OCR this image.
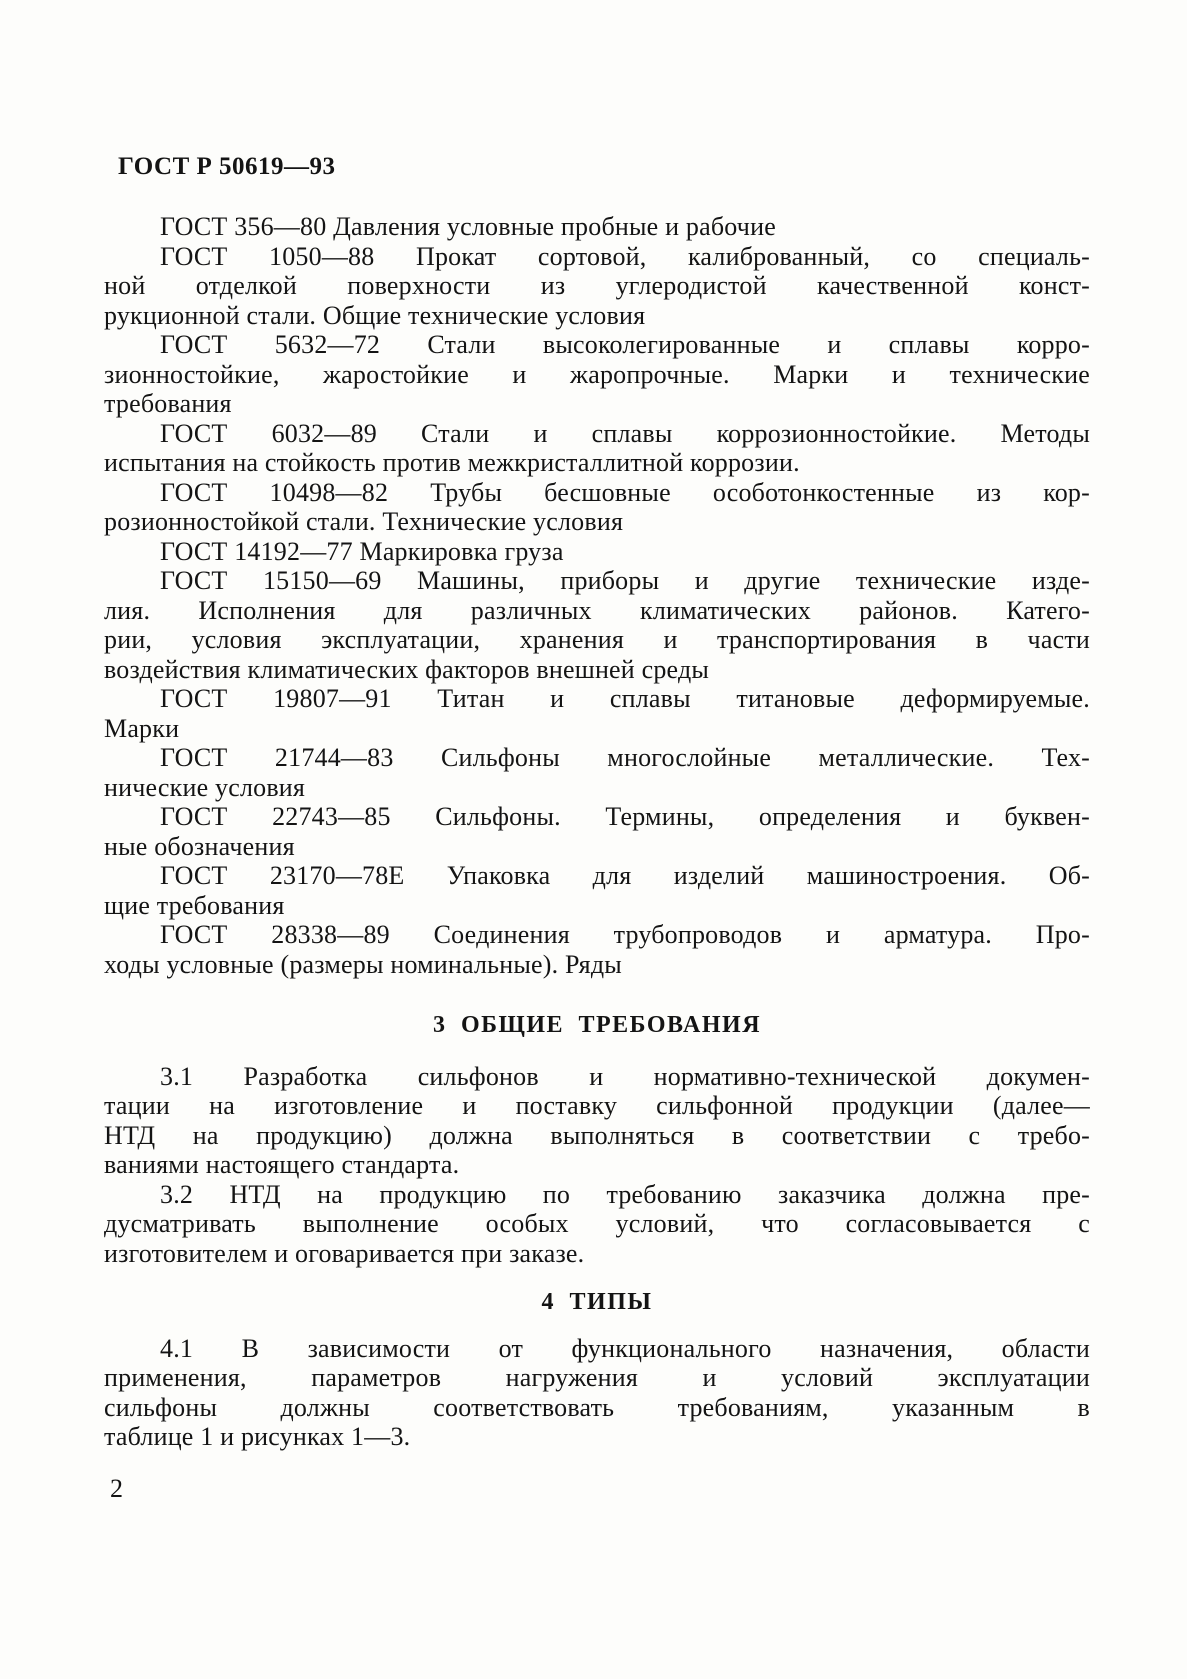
ГОСТ Р 50619—93

ГОСТ 356—80 Давления условные пробные и рабочие

ГОСТ 1050—88 Прокат сортовой, калиброванный, со специаль-
ной отделкой поверхности из углеродистой качественной конст-
рукционной стали. Общие технические условия

ГОСТ 5632—72 Стали высоколегированные и сплавы корро-
зионностойкие, жаростойкие и жаропрочные. Марки и технические
требования

ГОСТ 6032—89 Стали и сплавы коррозионностойкие. Методы
испытания на стойкость против межкристаллитной коррозии.

ГОСТ 10498—82 Трубы бесшовные особотонкостенные из кор-
розионностойкой стали. Технические условия

ГОСТ 14192—77 Маркировка груза

ГОСТ 15150—69 Машины, приборы и другие технические изде-
лия. Исполнения для различных климатических районов. Катего-
рии, условия эксплуатации, хранения и транспортирования в части
воздействия климатических факторов внешней среды

ГОСТ 19807—91 Титан и сплавы титановые деформируемые.
Марки

ГОСТ 21744—83 Сильфоны многослойные металлические. Тех-
нические условия

ГОСТ 22743—85 Сильфоны. Термины, определения и буквен-
ные обозначения

ГОСТ 23170—78Е Упаковка для изделий машиностроения. Об-
щие требования

ГОСТ 28338—89 Соединения трубопроводов и арматура. Про-
ходы условные (размеры номинальные). Ряды

3 ОБЩИЕ ТРЕБОВАНИЯ

3.1 Разработка сильфонов и нормативно-технической докумен-
тации на изготовление и поставку сильфонной продукции (далее—
НТД на продукцию) должна выполняться в соответствии с требо-
ваниями настоящего стандарта.

3.2 НТД на продукцию по требованию заказчика должна пре-
дусматривать выполнение особых условий, что согласовывается с
изготовителем и оговаривается при заказе.

4 ТИПЫ

4.1 В зависимости от функционального назначения, области
применения, параметров нагружения и условий эксплуатации
сильфоны должны соответствовать требованиям, указанным в
таблице 1 и рисунках 1—3.

2
